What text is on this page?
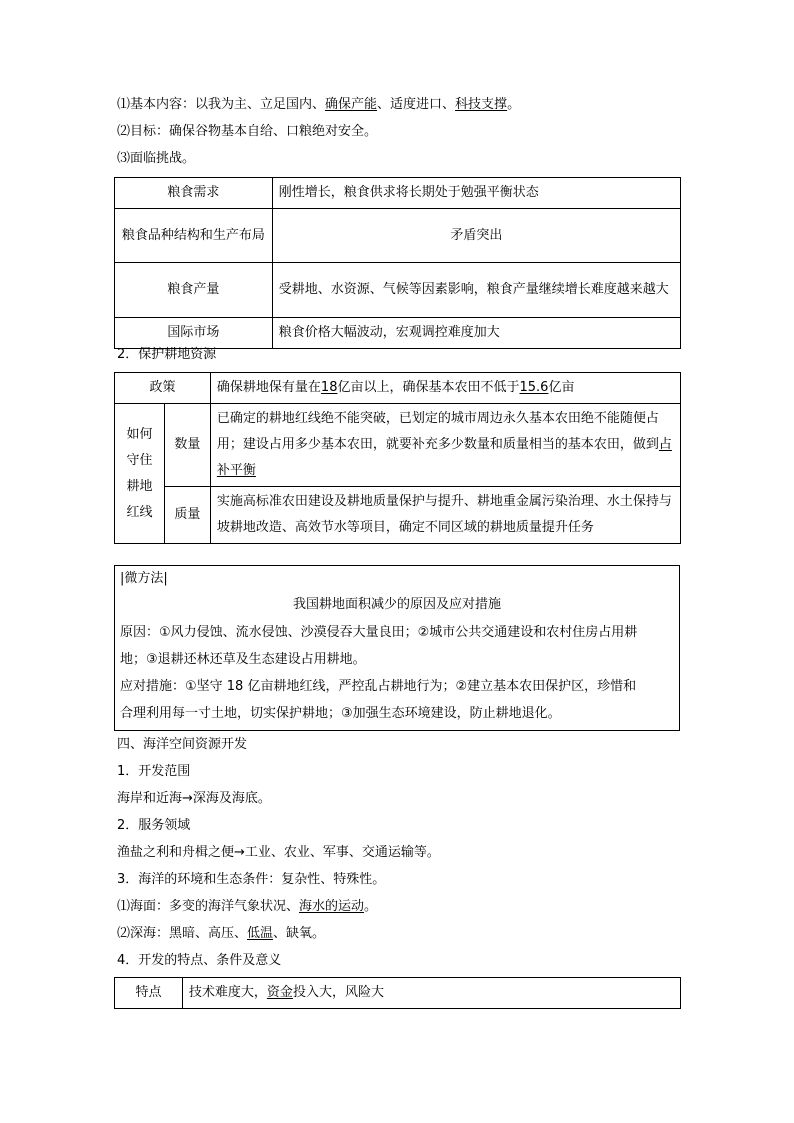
⑴基本内容：以我为主、立足国内、确保产能、适度进口、科技支撑。
⑵目标：确保谷物基本自给、口粮绝对安全。
⑶面临挑战。
粮食需求	刚性增长，粮食供求将长期处于勉强平衡状态
粮食品种结构和生产布局	矛盾突出
粮食产量	受耕地、水资源、气候等因素影响，粮食产量继续增长难度越来越大
国际市场	粮食价格大幅波动，宏观调控难度加大
2．保护耕地资源
政策		确保耕地保有量在18亿亩以上，确保基本农田不低于15.6亿亩
如何守住耕地红线	数量	已确定的耕地红线绝不能突破，已划定的城市周边永久基本农田绝不能随便占用；建设占用多少基本农田，就要补充多少数量和质量相当的基本农田，做到占补平衡
	质量	实施高标准农田建设及耕地质量保护与提升、耕地重金属污染治理、水土保持与坡耕地改造、高效节水等项目，确定不同区域的耕地质量提升任务
|微方法|
我国耕地面积减少的原因及应对措施
原因：①风力侵蚀、流水侵蚀、沙漠侵吞大量良田；②城市公共交通建设和农村住房占用耕
地；③退耕还林还草及生态建设占用耕地。
应对措施：①坚守 18 亿亩耕地红线，严控乱占耕地行为；②建立基本农田保护区，珍惜和
合理利用每一寸土地，切实保护耕地；③加强生态环境建设，防止耕地退化。
四、海洋空间资源开发
1．开发范围
海岸和近海→深海及海底。
2．服务领域
渔盐之利和舟楫之便→工业、农业、军事、交通运输等。
3．海洋的环境和生态条件：复杂性、特殊性。
⑴海面：多变的海洋气象状况、海水的运动。
⑵深海：黑暗、高压、低温、缺氧。
4．开发的特点、条件及意义
特点	技术难度大，资金投入大，风险大
